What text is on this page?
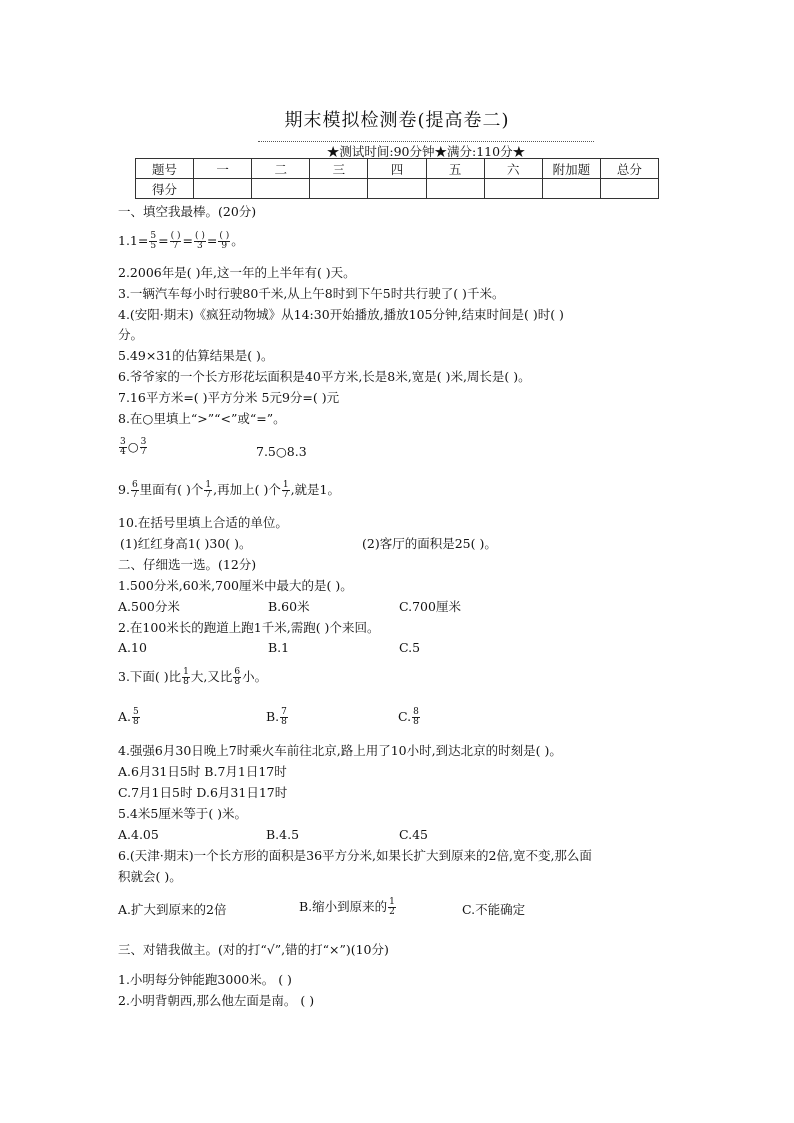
期末模拟检测卷(提高卷二)
★测试时间:90分钟★满分:110分★
题号	一	二	三	四	五	六	附加题	总分
得分								
一、填空我最棒。(20分)
$1.1= \frac{5}{5} = \frac{( )}{7} = \frac{( )}{3} = \frac{( )}{9}$ 。
2.2006年是( )年,这一年的上半年有( )天。
3.一辆汽车每小时行驶80千米,从上午8时到下午5时共行驶了( )千米。
4.(安阳·期末)《疯狂动物城》从14:30开始播放,播放105分钟,结束时间是( )时( )
分。
5.49×31的估算结果是( )。
6.爷爷家的一个长方形花坛面积是40平方米,长是8米,宽是( )米,周长是( )。
7.16平方米=( )平方分米 5元9分=( )元
8.在○里填上“>”“<”或“=”。
$\frac{3}{4}$ ○ $\frac{3}{7}$	7.5○8.3
9. $\frac{6}{7}$ 里面有( )个 $\frac{1}{7}$ ,再加上( )个 $\frac{1}{7}$ ,就是1。
10.在括号里填上合适的单位。
(1)红红身高1( )30( )。	(2)客厅的面积是25( )。
二、仔细选一选。(12分)
1.500分米,60米,700厘米中最大的是( )。
A.500分米	B.60米	C.700厘米
2.在100米长的跑道上跑1千米,需跑( )个来回。
A.10	B.1	C.5
3.下面( )比 $\frac{1}{8}$ 大,又比 $\frac{6}{8}$ 小。
A. $\frac{5}{8}$	B. $\frac{7}{8}$	C. $\frac{8}{8}$
4.强强6月30日晚上7时乘火车前往北京,路上用了10小时,到达北京的时刻是( )。
A.6月31日5时 B.7月1日17时
C.7月1日5时 D.6月31日17时
5.4米5厘米等于( )米。
A.4.05	B.4.5	C.45
6.(天津·期末)一个长方形的面积是36平方分米,如果长扩大到原来的2倍,宽不变,那么面
积就会( )。
A.扩大到原来的2倍	B.缩小到原来的 $\frac{1}{2}$	C.不能确定
三、对错我做主。(对的打“√”,错的打“×”)(10分)
1.小明每分钟能跑3000米。 ( )
2.小明背朝西,那么他左面是南。 ( )
